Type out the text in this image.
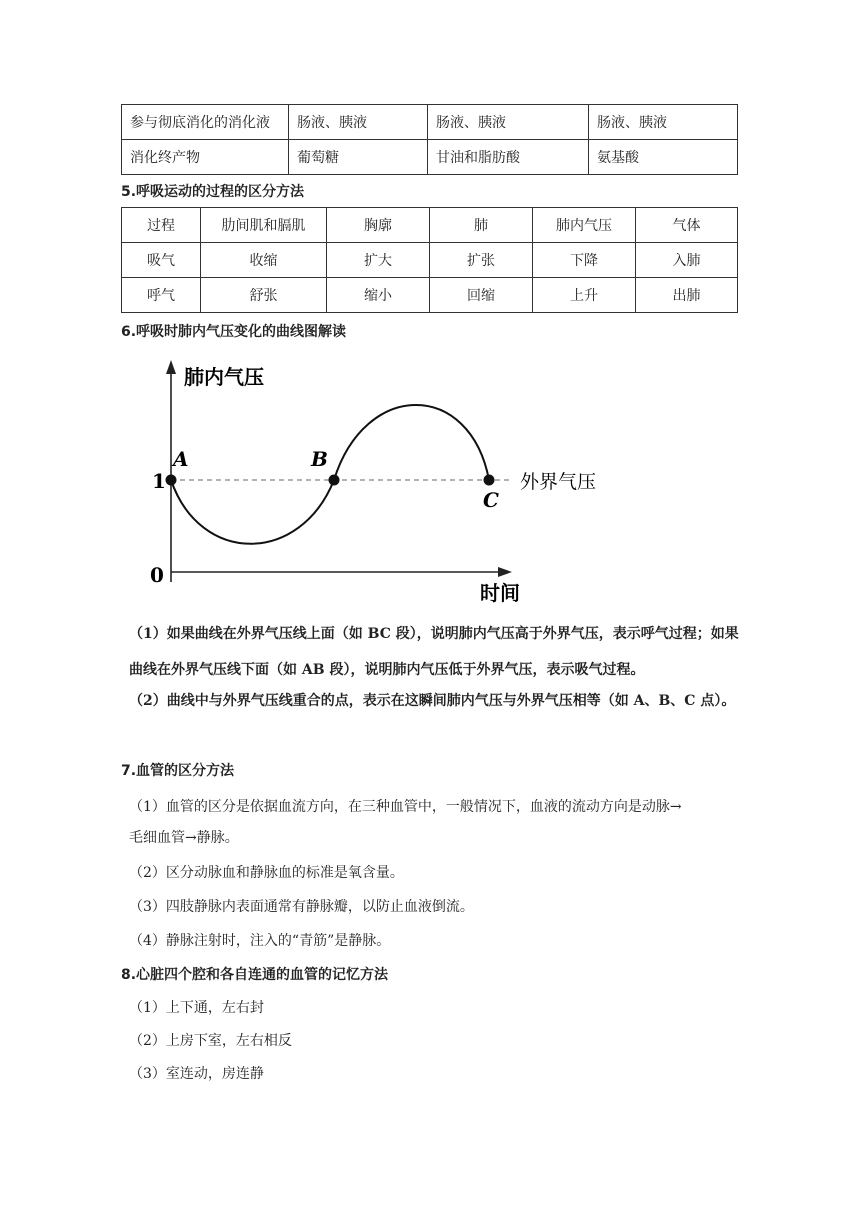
参与彻底消化的消化液	肠液、胰液	肠液、胰液	肠液、胰液
消化终产物	葡萄糖	甘油和脂肪酸	氨基酸
5.呼吸运动的过程的区分方法
过程	肋间肌和膈肌	胸廓	肺	肺内气压	气体
吸气	收缩	扩大	扩张	下降	入肺
呼气	舒张	缩小	回缩	上升	出肺
6.呼吸时肺内气压变化的曲线图解读
肺内气压
时间
外界气压
1
0
A	B
C
（1）如果曲线在外界气压线上面（如 BC 段），说明肺内气压高于外界气压，表示呼气过程；如果曲线在外界气压线下面（如 AB 段），说明肺内气压低于外界气压，表示吸气过程。
（2）曲线中与外界气压线重合的点，表示在这瞬间肺内气压与外界气压相等（如 A、B、C 点）。
7.血管的区分方法
（1）血管的区分是依据血流方向，在三种血管中，一般情况下，血液的流动方向是动脉→
毛细血管→静脉。
（2）区分动脉血和静脉血的标准是氧含量。
（3）四肢静脉内表面通常有静脉瓣，以防止血液倒流。
（4）静脉注射时，注入的“青筋”是静脉。
8.心脏四个腔和各自连通的血管的记忆方法
（1）上下通，左右封
（2）上房下室，左右相反
（3）室连动，房连静
